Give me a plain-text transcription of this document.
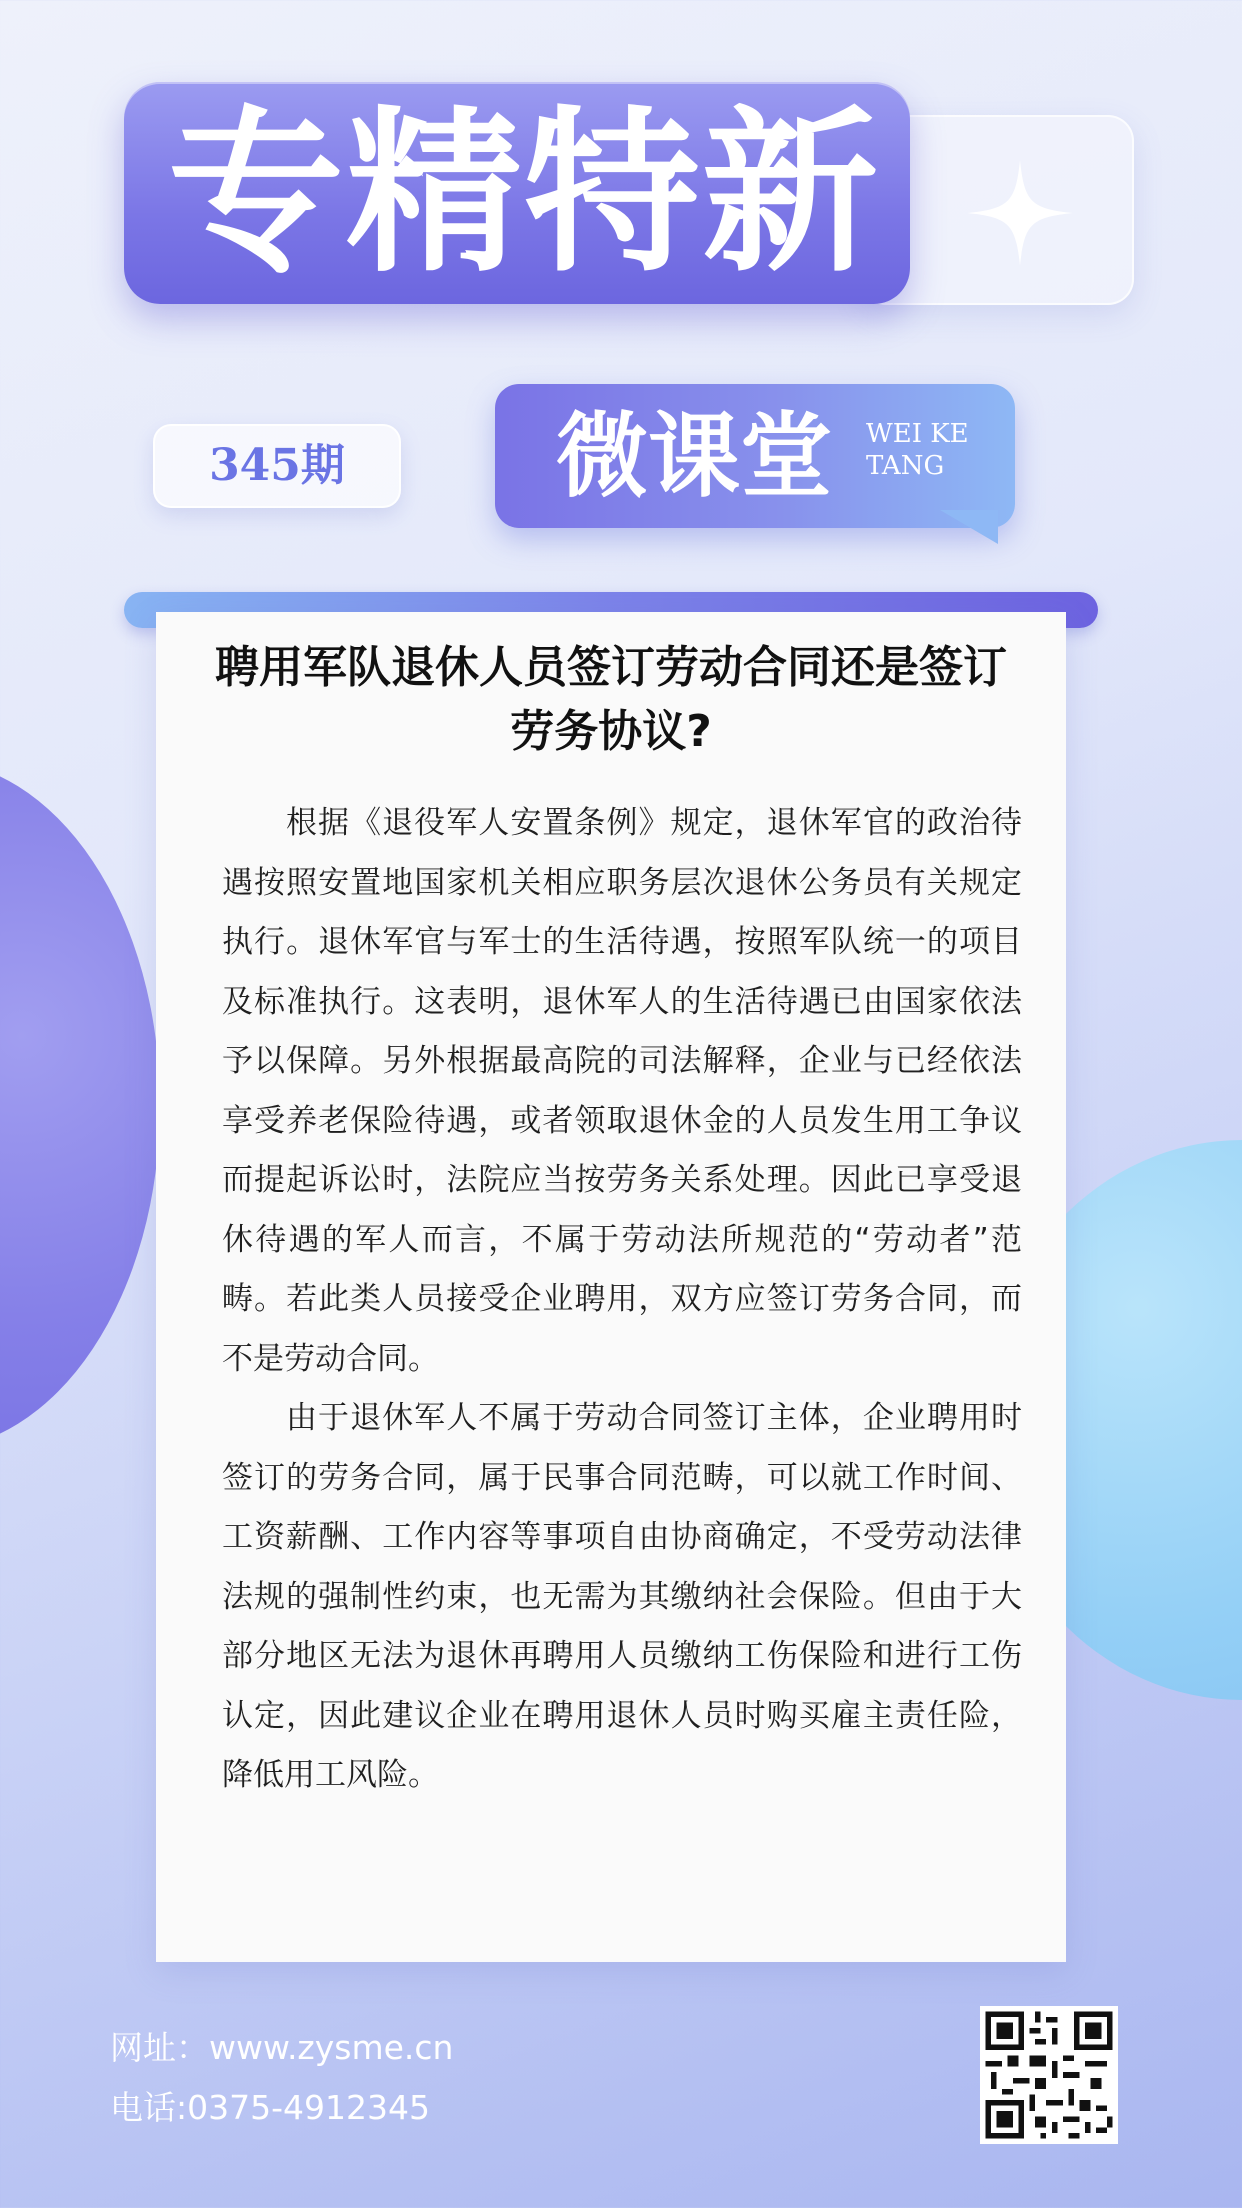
专精特新
345期	微课堂 WEI KE
TANG
聘用军队退休人员签订劳动合同还是签订劳务协议?

根据《退役军人安置条例》规定，退休军官的政治待遇按照安置地国家机关相应职务层次退休公务员有关规定执行。退休军官与军士的生活待遇，按照军队统一的项目及标准执行。这表明，退休军人的生活待遇已由国家依法予以保障。另外根据最高院的司法解释，企业与已经依法享受养老保险待遇，或者领取退休金的人员发生用工争议而提起诉讼时，法院应当按劳务关系处理。因此已享受退休待遇的军人而言，不属于劳动法所规范的“劳动者”范畴。若此类人员接受企业聘用，双方应签订劳务合同，而不是劳动合同。

由于退休军人不属于劳动合同签订主体，企业聘用时签订的劳务合同，属于民事合同范畴，可以就工作时间、工资薪酬、工作内容等事项自由协商确定，不受劳动法律法规的强制性约束，也无需为其缴纳社会保险。但由于大部分地区无法为退休再聘用人员缴纳工伤保险和进行工伤认定，因此建议企业在聘用退休人员时购买雇主责任险，降低用工风险。

网址：www.zysme.cn
电话:0375-4912345
